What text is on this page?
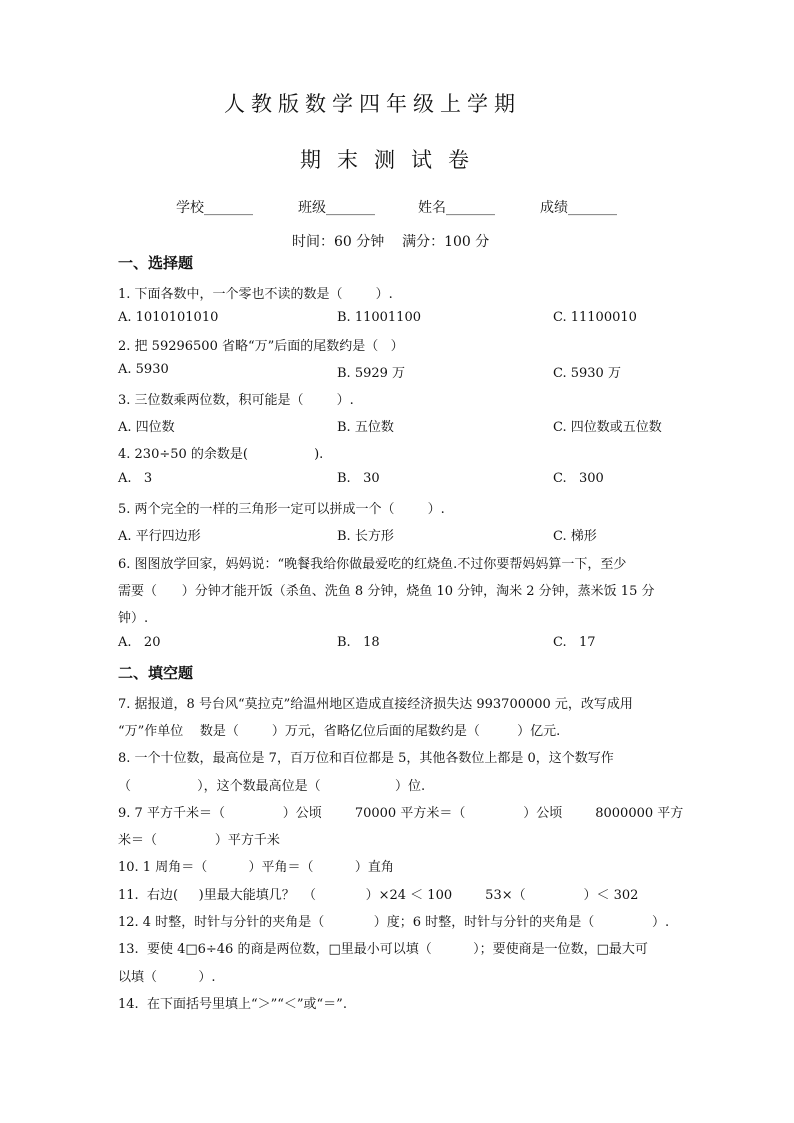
人教版数学四年级上学期
期末测试卷
学校_______	班级_______	姓名_______	成绩_______
时间：60 分钟    满分：100 分
一、选择题
1. 下面各数中，一个零也不读的数是（        ）.
A. 1010101010	B. 11001100	C. 11100010
2. 把 59296500 省略“万”后面的尾数约是（   ）
A. 5930	B. 5929 万	C. 5930 万
3. 三位数乘两位数，积可能是（        ）.
A. 四位数	B. 五位数	C. 四位数或五位数
4. 230÷50 的余数是(                ).
A.   3	B.   30	C.   300
5. 两个完全的一样的三角形一定可以拼成一个（        ）.
A. 平行四边形	B. 长方形	C. 梯形
6. 图图放学回家，妈妈说：“晚餐我给你做最爱吃的红烧鱼.不过你要帮妈妈算一下，至少
需要（      ）分钟才能开饭（杀鱼、洗鱼 8 分钟，烧鱼 10 分钟，淘米 2 分钟，蒸米饭 15 分
钟）.
A.   20	B.   18	C.   17
二、填空题
7. 据报道，8 号台风“莫拉克”给温州地区造成直接经济损失达 993700000 元，改写成用
“万”作单位    数是（        ）万元，省略亿位后面的尾数约是（         ）亿元.
8. 一个十位数，最高位是 7，百万位和百位都是 5，其他各数位上都是 0，这个数写作
（                ），这个数最高位是（                  ）位.
9. 7 平方千米＝（              ）公顷        70000 平方米＝（              ）公顷        8000000 平方
米＝（              ）平方千米
10. 1 周角＝（          ）平角＝（          ）直角
11.  右边(     )里最大能填几？  （            ）×24 ＜ 100        53×（              ）＜ 302
12. 4 时整，时针与分针的夹角是（            ）度；6 时整，时针与分针的夹角是（              ）.
13.  要使 4□6÷46 的商是两位数，□里最小可以填（          ）；要使商是一位数，□最大可
以填（          ）.
14.  在下面括号里填上“＞”“＜”或“＝”.
